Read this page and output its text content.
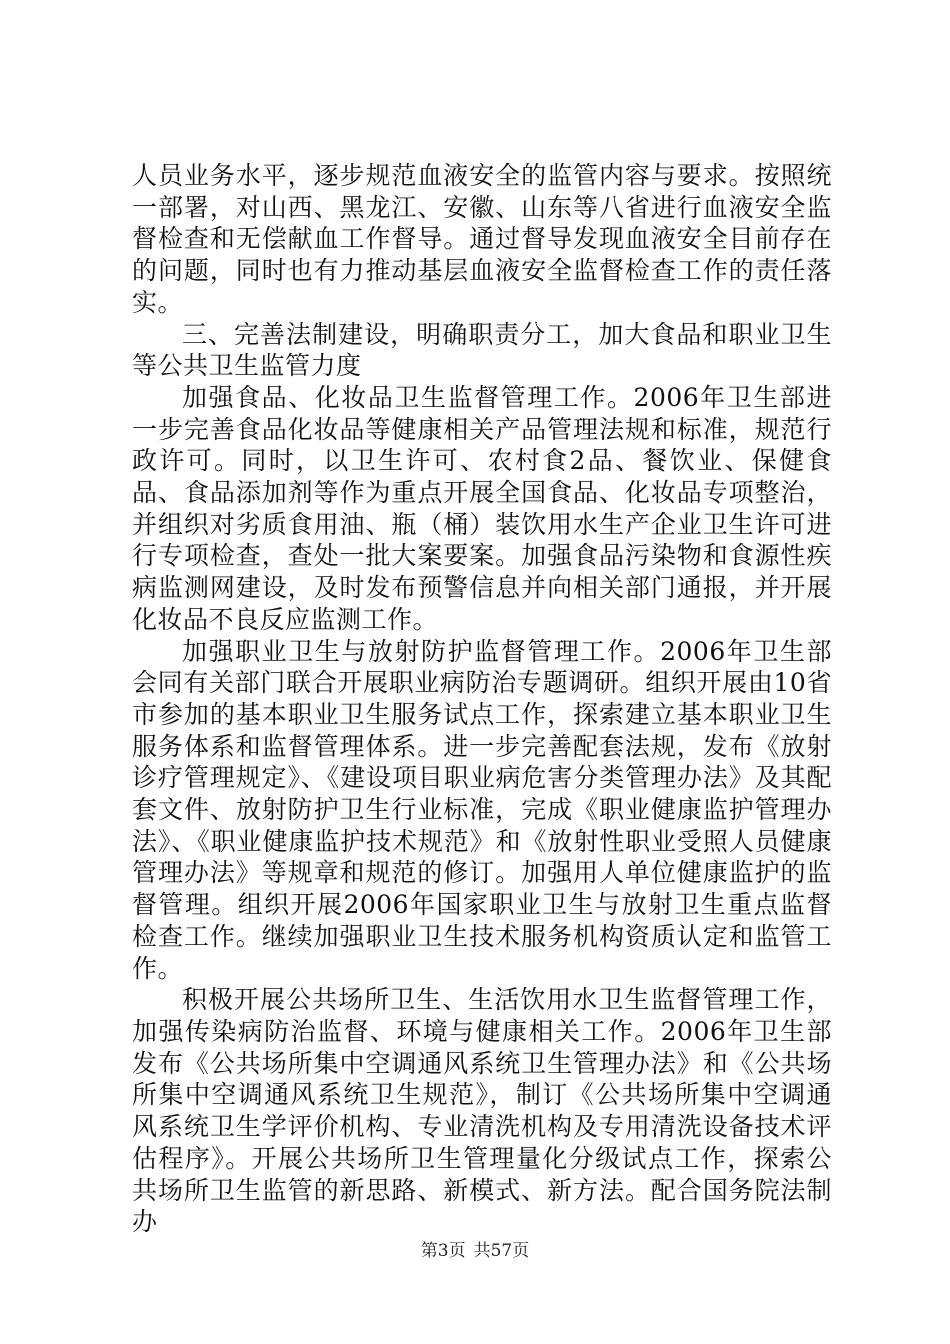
人员业务水平，逐步规范血液安全的监管内容与要求。按照统一部署，对山西、黑龙江、安徽、山东等八省进行血液安全监督检查和无偿献血工作督导。通过督导发现血液安全目前存在的问题，同时也有力推动基层血液安全监督检查工作的责任落实。

三、完善法制建设，明确职责分工，加大食品和职业卫生等公共卫生监管力度

加强食品、化妆品卫生监督管理工作。2006年卫生部进一步完善食品化妆品等健康相关产品管理法规和标准，规范行政许可。同时，以卫生许可、农村食2品、餐饮业、保健食品、食品添加剂等作为重点开展全国食品、化妆品专项整治，并组织对劣质食用油、瓶（桶）装饮用水生产企业卫生许可进行专项检查，查处一批大案要案。加强食品污染物和食源性疾病监测网建设，及时发布预警信息并向相关部门通报，并开展化妆品不良反应监测工作。

加强职业卫生与放射防护监督管理工作。2006年卫生部会同有关部门联合开展职业病防治专题调研。组织开展由10省市参加的基本职业卫生服务试点工作，探索建立基本职业卫生服务体系和监督管理体系。进一步完善配套法规，发布《放射诊疗管理规定》、《建设项目职业病危害分类管理办法》及其配套文件、放射防护卫生行业标准，完成《职业健康监护管理办法》、《职业健康监护技术规范》和《放射性职业受照人员健康管理办法》等规章和规范的修订。加强用人单位健康监护的监督管理。组织开展2006年国家职业卫生与放射卫生重点监督检查工作。继续加强职业卫生技术服务机构资质认定和监管工作。

积极开展公共场所卫生、生活饮用水卫生监督管理工作，加强传染病防治监督、环境与健康相关工作。2006年卫生部发布《公共场所集中空调通风系统卫生管理办法》和《公共场所集中空调通风系统卫生规范》，制订《公共场所集中空调通风系统卫生学评价机构、专业清洗机构及专用清洗设备技术评估程序》。开展公共场所卫生管理量化分级试点工作，探索公共场所卫生监管的新思路、新模式、新方法。配合国务院法制办

第3页 共57页
